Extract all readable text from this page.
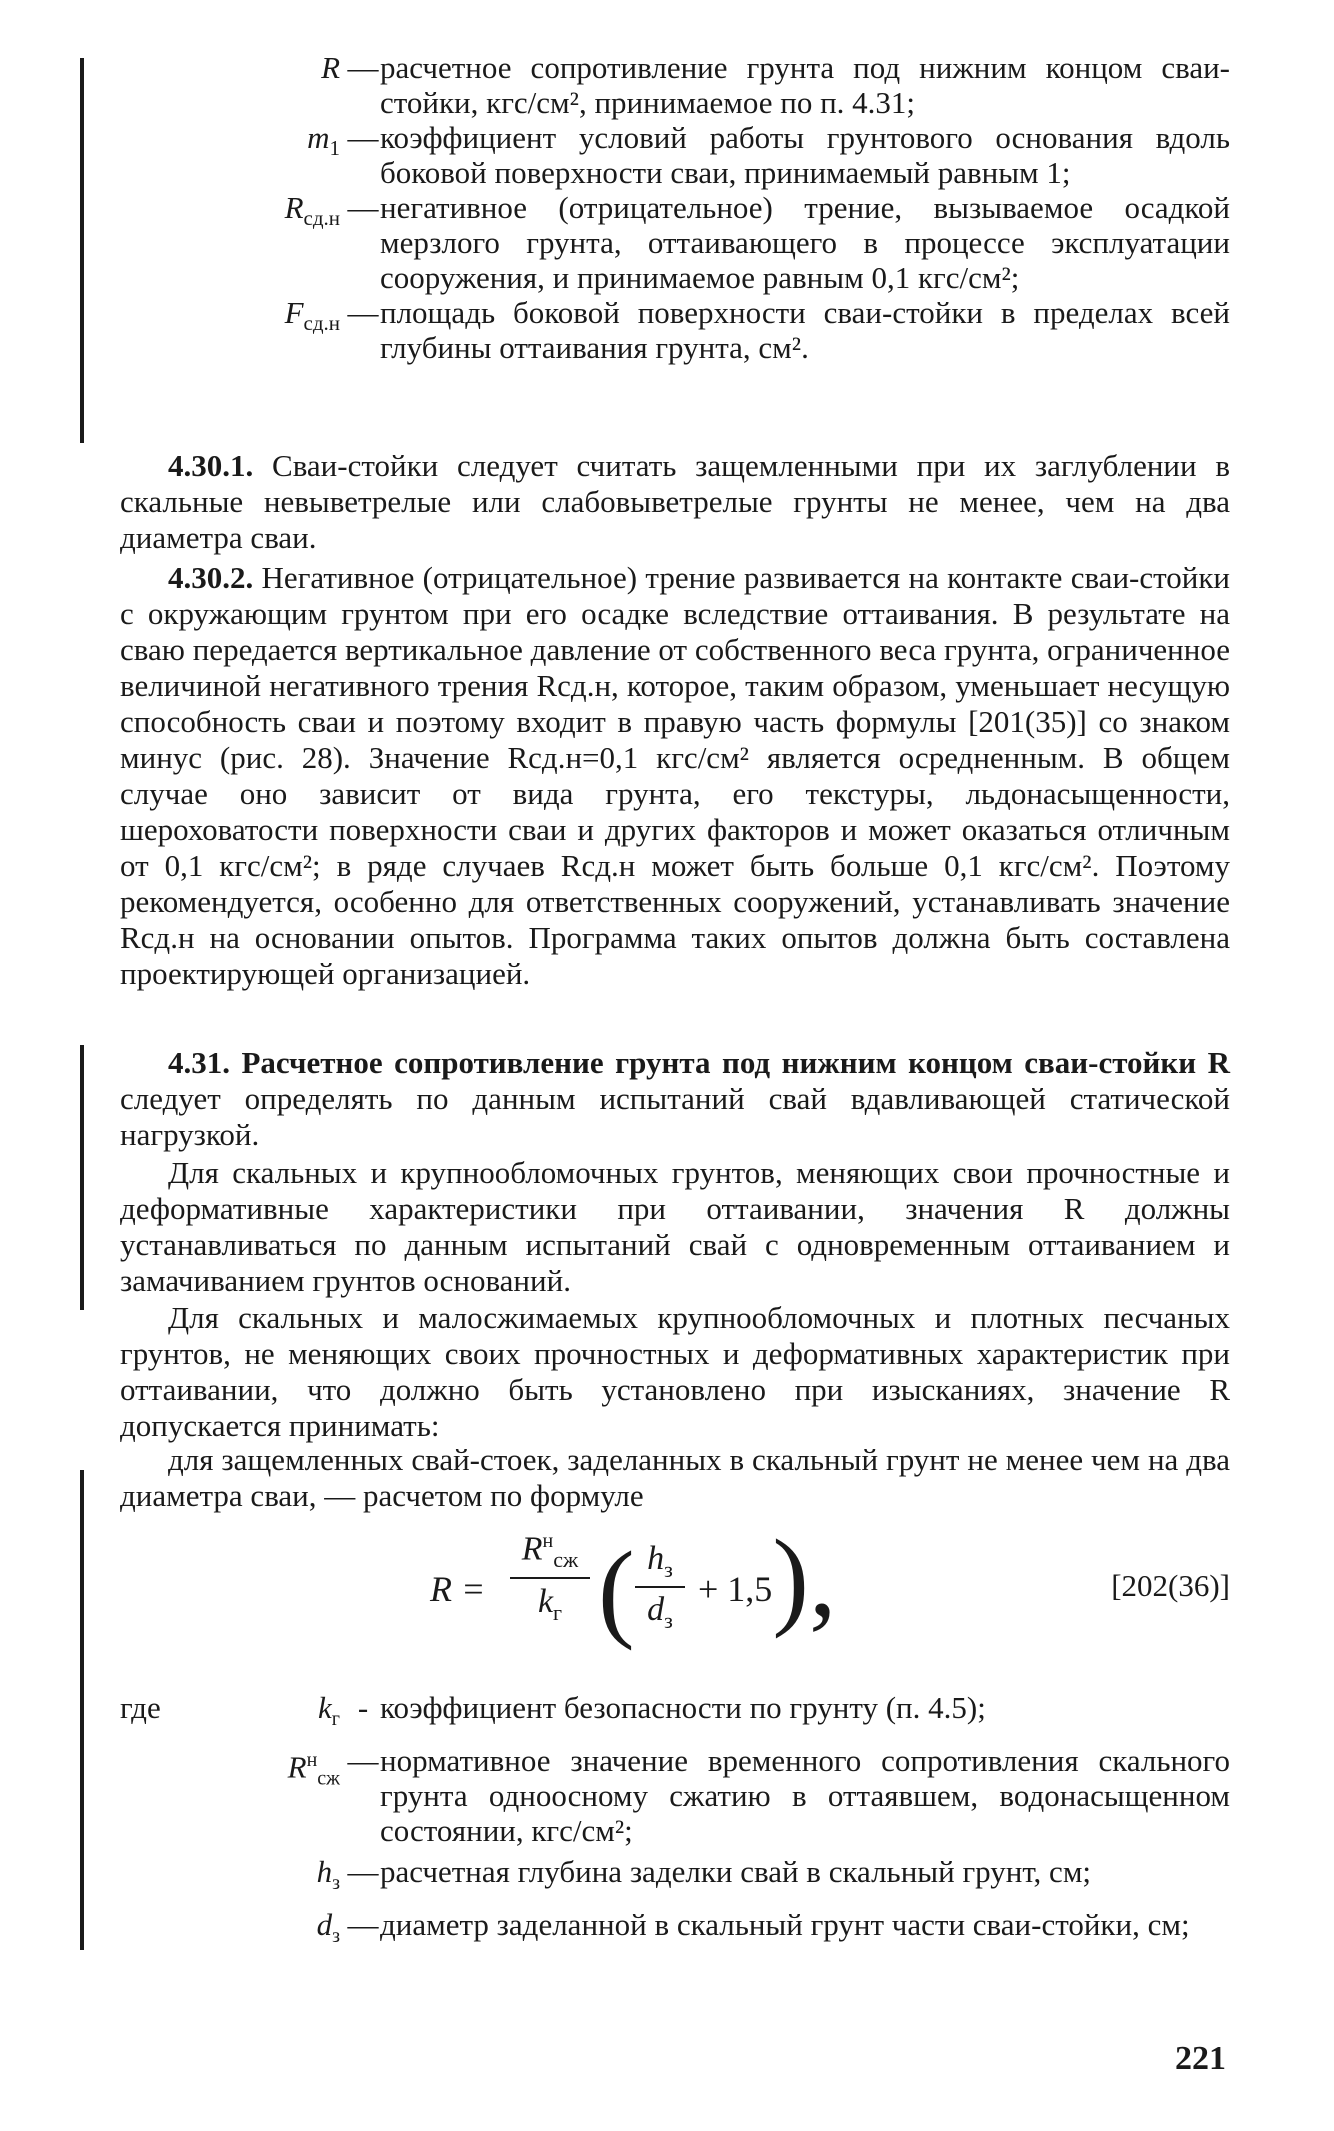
R — расчетное сопротивление грунта под нижним концом сваи-стойки, кгс/см², принимаемое по п. 4.31;
$m_1$ — коэффициент условий работы грунтового основания вдоль боковой поверхности сваи, принимаемый равным 1;
$R_{сд.н}$ — негативное (отрицательное) трение, вызываемое осадкой мерзлого грунта, оттаивающего в процессе эксплуатации сооружения, и принимаемое равным 0,1 кгс/см²;
$F_{сд.н}$ — площадь боковой поверхности сваи-стойки в пределах всей глубины оттаивания грунта, см².
4.30.1. Сваи-стойки следует считать защемленными при их заглублении в скальные невыветрелые или слабовыветрелые грунты не менее, чем на два диаметра сваи.
4.30.2. Негативное (отрицательное) трение развивается на контакте сваи-стойки с окружающим грунтом при его осадке вследствие оттаивания. В результате на сваю передается вертикальное давление от собственного веса грунта, ограниченное величиной негативного трения Rсд.н, которое, таким образом, уменьшает несущую способность сваи и поэтому входит в правую часть формулы [201(35)] со знаком минус (рис. 28). Значение Rсд.н=0,1 кгс/см² является осредненным. В общем случае оно зависит от вида грунта, его текстуры, льдонасыщенности, шероховатости поверхности сваи и других факторов и может оказаться отличным от 0,1 кгс/см²; в ряде случаев Rсд.н может быть больше 0,1 кгс/см². Поэтому рекомендуется, особенно для ответственных сооружений, устанавливать значение Rсд.н на основании опытов. Программа таких опытов должна быть составлена проектирующей организацией.
4.31. Расчетное сопротивление грунта под нижним концом сваи-стойки R следует определять по данным испытаний свай вдавливающей статической нагрузкой.
Для скальных и крупнообломочных грунтов, меняющих свои прочностные и деформативные характеристики при оттаивании, значения R должны устанавливаться по данным испытаний свай с одновременным оттаиванием и замачиванием грунтов оснований.
Для скальных и малосжимаемых крупнообломочных и плотных песчаных грунтов, не меняющих своих прочностных и деформативных характеристик при оттаивании, что должно быть установлено при изысканиях, значение R допускается принимать:
для защемленных свай-стоек, заделанных в скальный грунт не менее чем на два диаметра сваи, — расчетом по формуле
R =
$R^н_{сж}$
$k_г$ ( $h_з$
$d_з$
+ 1,5),	[202(36)]
где	$k_г$ - коэффициент безопасности по грунту (п. 4.5);
$R^н_{сж}$
— нормативное значение временного сопротивления скального грунта одноосному сжатию в оттаявшем, водонасыщенном состоянии, кгс/см²;
$h_з$ — расчетная глубина заделки свай в скальный грунт, см;
$d_з$ — диаметр заделанной в скальный грунт части сваи-стойки, см;
221
